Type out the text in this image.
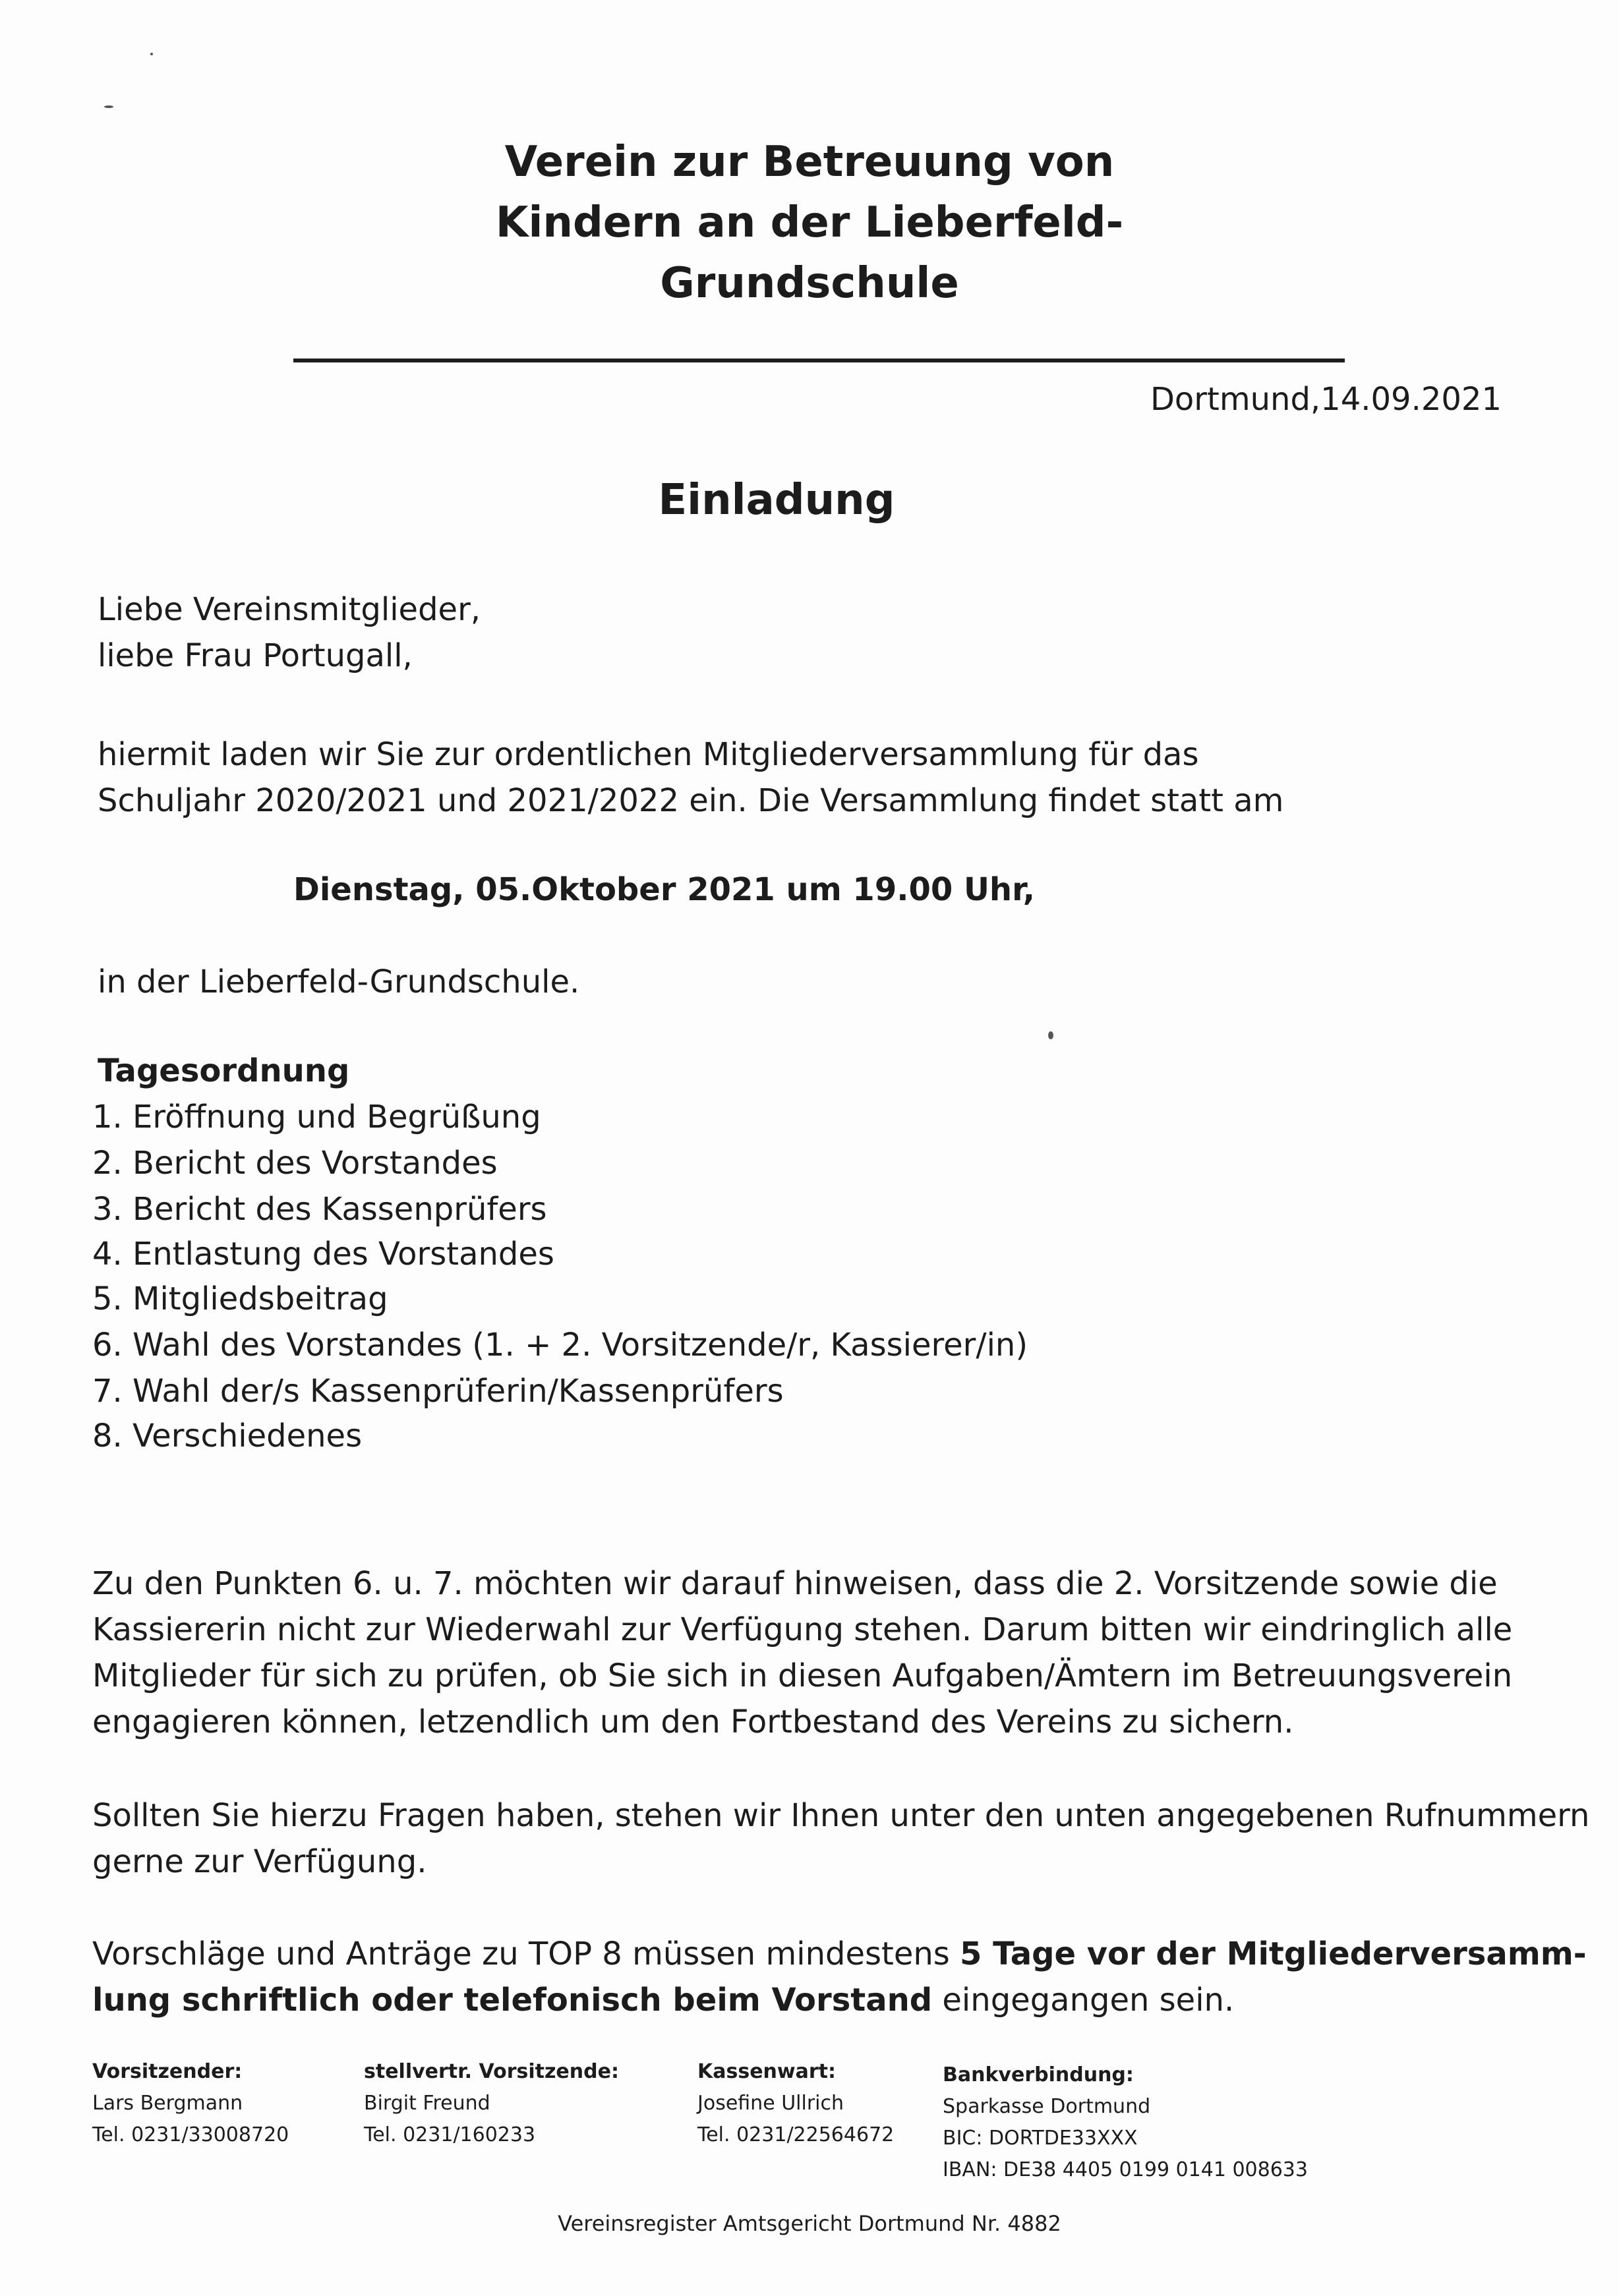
Verein zur Betreuung von
Kindern an der Lieberfeld-
Grundschule
Dortmund,14.09.2021
Einladung
Liebe Vereinsmitglieder,
liebe Frau Portugall,
hiermit laden wir Sie zur ordentlichen Mitgliederversammlung für das
Schuljahr 2020/2021 und 2021/2022 ein. Die Versammlung findet statt am
Dienstag, 05.Oktober 2021 um 19.00 Uhr,
in der Lieberfeld-Grundschule.
Tagesordnung
1. Eröffnung und Begrüßung
2. Bericht des Vorstandes
3. Bericht des Kassenprüfers
4. Entlastung des Vorstandes
5. Mitgliedsbeitrag
6. Wahl des Vorstandes (1. + 2. Vorsitzende/r, Kassierer/in)
7. Wahl der/s Kassenprüferin/Kassenprüfers
8. Verschiedenes
Zu den Punkten 6. u. 7. möchten wir darauf hinweisen, dass die 2. Vorsitzende sowie die
Kassiererin nicht zur Wiederwahl zur Verfügung stehen. Darum bitten wir eindringlich alle
Mitglieder für sich zu prüfen, ob Sie sich in diesen Aufgaben/Ämtern im Betreuungsverein
engagieren können, letzendlich um den Fortbestand des Vereins zu sichern.
Sollten Sie hierzu Fragen haben, stehen wir Ihnen unter den unten angegebenen Rufnummern
gerne zur Verfügung.
Vorschläge und Anträge zu TOP 8 müssen mindestens 5 Tage vor der Mitgliederversamm-
lung schriftlich oder telefonisch beim Vorstand eingegangen sein.
Vorsitzender:
Lars Bergmann
Tel. 0231/33008720
stellvertr. Vorsitzende:
Birgit Freund
Tel. 0231/160233
Kassenwart:
Josefine Ullrich
Tel. 0231/22564672
Bankverbindung:
Sparkasse Dortmund
BIC: DORTDE33XXX
IBAN: DE38 4405 0199 0141 008633
Vereinsregister Amtsgericht Dortmund Nr. 4882
